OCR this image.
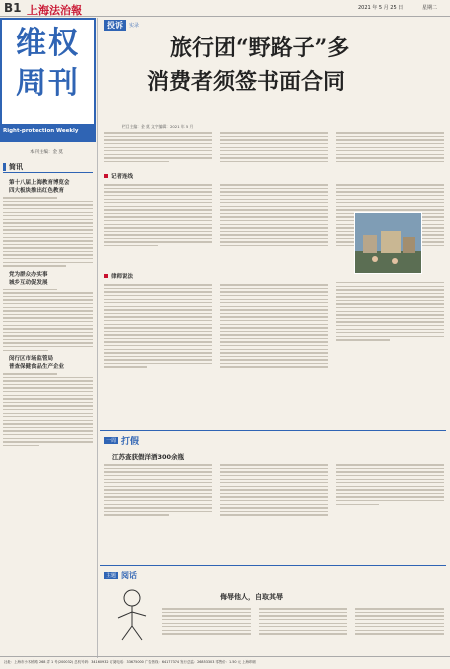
B1 上海法治報	2021 年 5 月 25 日	星期二
维权
周刊
Right-protection Weekly
本刊主编：金 莫
简讯
第十八届上海教育博览会
四大板块推出红色教育
党为群众办实事
城乡互动促发展
闵行区市场监管局
普查保健食品生产企业
投诉	实录
旅行团“野路子”多
消费者须签书面合同
栏目主编：金 莫 文字编辑：2021 年 5 月
记者连线
律师说法
一周 打假
江苏查获假洋酒300余瓶
主题 阅话
侮辱他人，自取其辱
社址：上海市小木桥路 268 弄 1 号(200032) 总机号码：34160932 订阅电话：33675000 广告热线：64177374 发行总监：26853303 零售价：1.50 元 上海印刷
